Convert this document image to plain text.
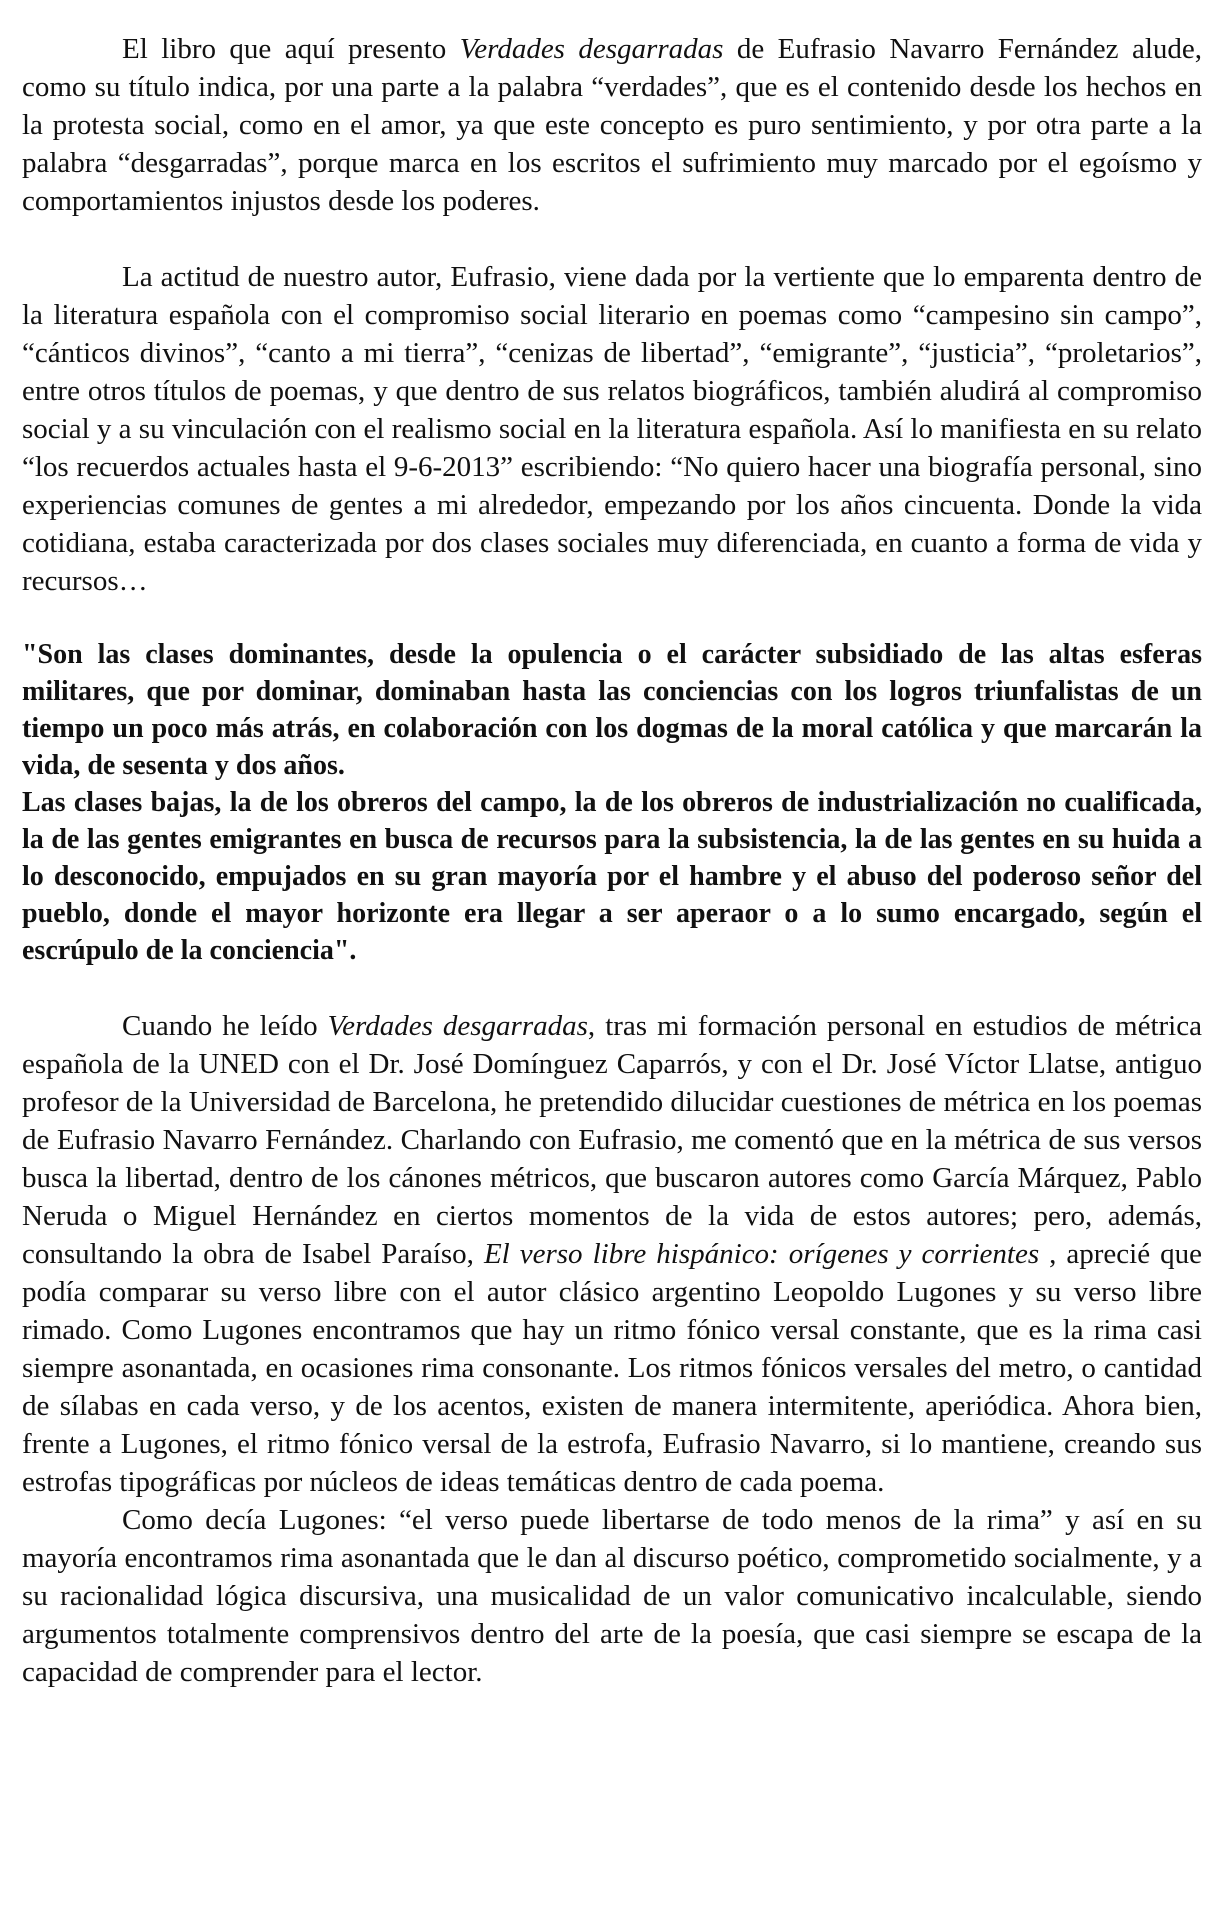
El libro que aquí presento Verdades desgarradas de Eufrasio Navarro Fernández alude, como su título indica, por una parte a la palabra “verdades”, que es el contenido desde los hechos en la protesta social, como en el amor, ya que este concepto es puro sentimiento, y por otra parte a la palabra “desgarradas”, porque marca en los escritos el sufrimiento muy marcado por el egoísmo y comportamientos injustos desde los poderes.

La actitud de nuestro autor, Eufrasio, viene dada por la vertiente que lo emparenta dentro de la literatura española con el compromiso social literario en poemas como “campesino sin campo”, “cánticos divinos”, “canto a mi tierra”, “cenizas de libertad”, “emigrante”, “justicia”, “proletarios”, entre otros títulos de poemas, y que dentro de sus relatos biográficos, también aludirá al compromiso social y a su vinculación con el realismo social en la literatura española. Así lo manifiesta en su relato “los recuerdos actuales hasta el 9-6-2013” escribiendo: “No quiero hacer una biografía personal, sino experiencias comunes de gentes a mi alrededor, empezando por los años cincuenta. Donde la vida cotidiana, estaba caracterizada por dos clases sociales muy diferenciada, en cuanto a forma de vida y recursos…

"Son las clases dominantes, desde la opulencia o el carácter subsidiado de las altas esferas militares, que por dominar, dominaban hasta las conciencias con los logros triunfalistas de un tiempo un poco más atrás, en colaboración con los dogmas de la moral católica y que marcarán la vida, de sesenta y dos años.

Las clases bajas, la de los obreros del campo, la de los obreros de industrialización no cualificada, la de las gentes emigrantes en busca de recursos para la subsistencia, la de las gentes en su huida a lo desconocido, empujados en su gran mayoría por el hambre y el abuso del poderoso señor del pueblo, donde el mayor horizonte era llegar a ser aperaor o a lo sumo encargado, según el escrúpulo de la conciencia".

Cuando he leído Verdades desgarradas, tras mi formación personal en estudios de métrica española de la UNED con el Dr. José Domínguez Caparrós, y con el Dr. José Víctor Llatse, antiguo profesor de la Universidad de Barcelona, he pretendido dilucidar cuestiones de métrica en los poemas de Eufrasio Navarro Fernández. Charlando con Eufrasio, me comentó que en la métrica de sus versos busca la libertad, dentro de los cánones métricos, que buscaron autores como García Márquez, Pablo Neruda o Miguel Hernández en ciertos momentos de la vida de estos autores; pero, además, consultando la obra de Isabel Paraíso, El verso libre hispánico: orígenes y corrientes , aprecié que podía comparar su verso libre con el autor clásico argentino Leopoldo Lugones y su verso libre rimado. Como Lugones encontramos que hay un ritmo fónico versal constante, que es la rima casi siempre asonantada, en ocasiones rima consonante. Los ritmos fónicos versales del metro, o cantidad de sílabas en cada verso, y de los acentos, existen de manera intermitente, aperiódica. Ahora bien, frente a Lugones, el ritmo fónico versal de la estrofa, Eufrasio Navarro, si lo mantiene, creando sus estrofas tipográficas por núcleos de ideas temáticas dentro de cada poema.

Como decía Lugones: “el verso puede libertarse de todo menos de la rima” y así en su mayoría encontramos rima asonantada que le dan al discurso poético, comprometido socialmente, y a su racionalidad lógica discursiva, una musicalidad de un valor comunicativo incalculable, siendo argumentos totalmente comprensivos dentro del arte de la poesía, que casi siempre se escapa de la capacidad de comprender para el lector.
